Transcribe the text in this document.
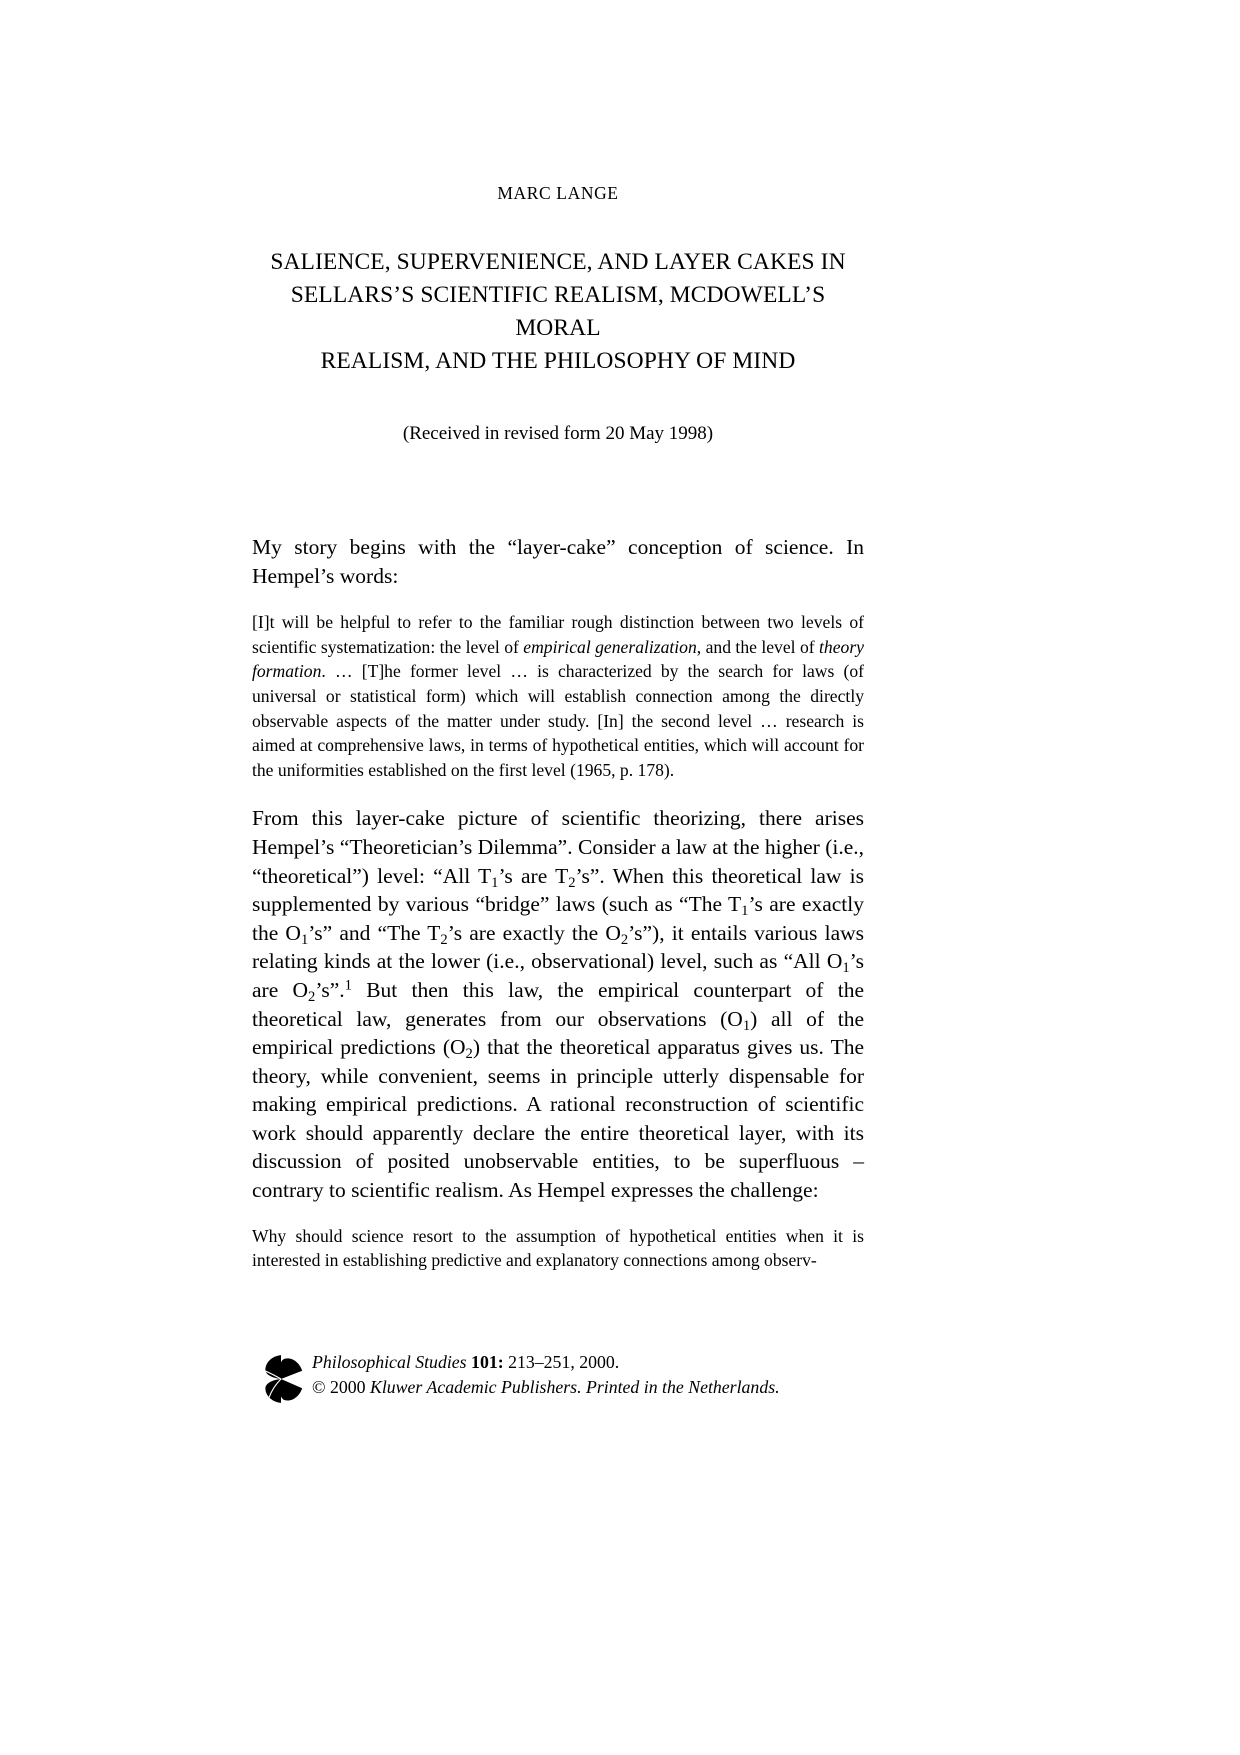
MARC LANGE
SALIENCE, SUPERVENIENCE, AND LAYER CAKES IN
SELLARS’S SCIENTIFIC REALISM, MCDOWELL’S MORAL
REALISM, AND THE PHILOSOPHY OF MIND
(Received in revised form 20 May 1998)

My story begins with the “layer-cake” conception of science. In Hempel’s words:

[I]t will be helpful to refer to the familiar rough distinction between two levels of scientific systematization: the level of empirical generalization, and the level of theory formation. … [T]he former level … is characterized by the search for laws (of universal or statistical form) which will establish connection among the directly observable aspects of the matter under study. [In] the second level … research is aimed at comprehensive laws, in terms of hypothetical entities, which will account for the uniformities established on the first level (1965, p. 178).

From this layer-cake picture of scientific theorizing, there arises Hempel’s “Theoretician’s Dilemma”. Consider a law at the higher (i.e., “theoretical”) level: “All $T_1’s$ are $T_2’s$”. When this theoretical law is supplemented by various “bridge” laws (such as “The $T_1’s$ are exactly the $O_1’s$” and “The $T_2’s$ are exactly the $O_2’s$”), it entails various laws relating kinds at the lower (i.e., observational) level, such as “All $O_1’s$ are $O_2’s”.^1$ But then this law, the empirical counterpart of the theoretical law, generates from our observations $(O_1)$ all of the empirical predictions $(O_2)$ that the theoretical apparatus gives us. The theory, while convenient, seems in principle utterly dispensable for making empirical predictions. A rational reconstruction of scientific work should apparently declare the entire theoretical layer, with its discussion of posited unobservable entities, to be superfluous – contrary to scientific realism. As Hempel expresses the challenge:

Why should science resort to the assumption of hypothetical entities when it is interested in establishing predictive and explanatory connections among observ-

Philosophical Studies 101: 213–251, 2000.
© 2000 Kluwer Academic Publishers. Printed in the Netherlands.
